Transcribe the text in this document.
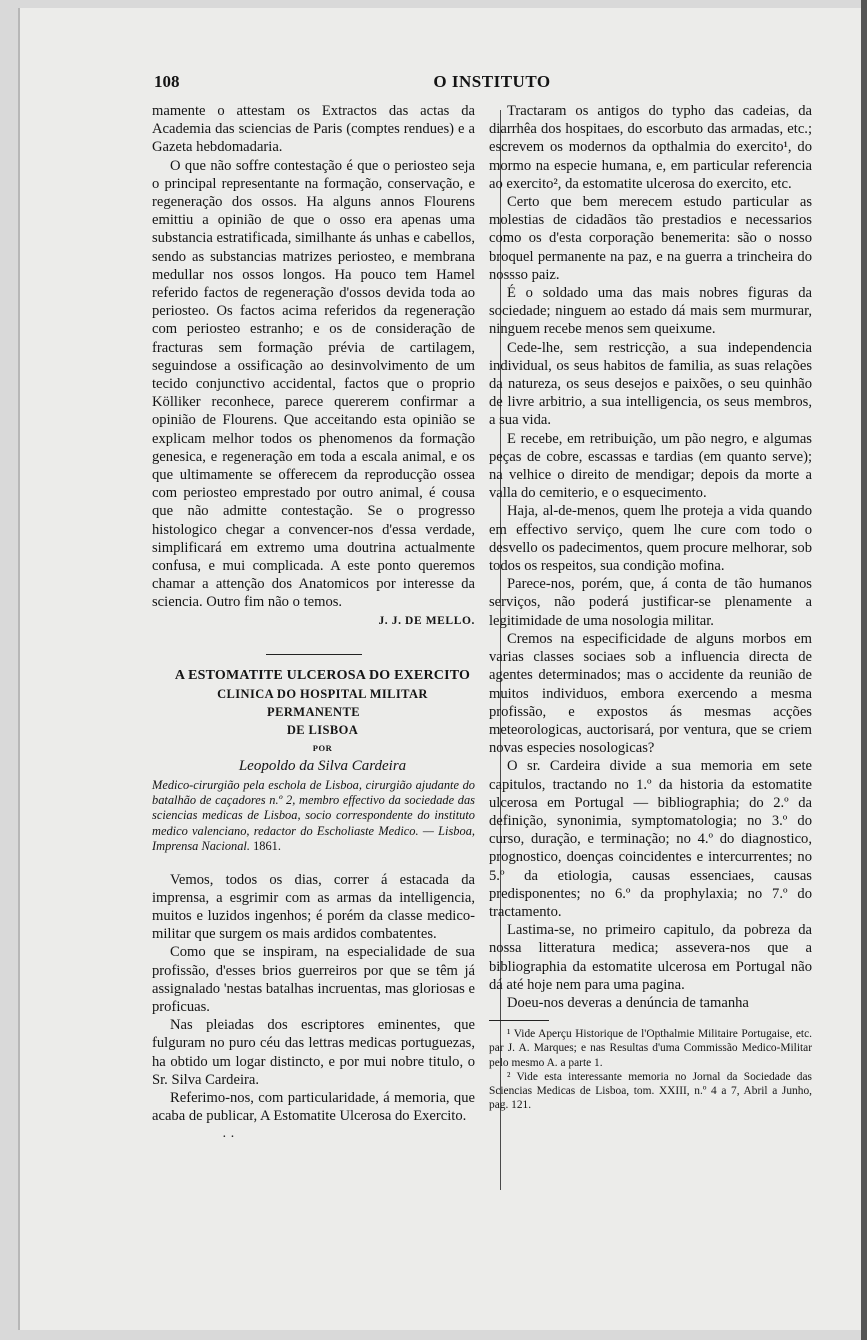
108	O INSTITUTO

mamente o attestam os Extractos das actas da Academia das sciencias de Paris (comptes rendues) e a Gazeta hebdomadaria.

O que não soffre contestação é que o periosteo seja o principal representante na formação, conservação, e regeneração dos ossos. Ha alguns annos Flourens emittiu a opinião de que o osso era apenas uma substancia estratificada, similhante ás unhas e cabellos, sendo as substancias matrizes periosteo, e membrana medullar nos ossos longos. Ha pouco tem Hamel referido factos de regeneração d'ossos devida toda ao periosteo. Os factos acima referidos da regeneração com periosteo estranho; e os de consideração de fracturas sem formação prévia de cartilagem, seguindose a ossificação ao desinvolvimento de um tecido conjunctivo accidental, factos que o proprio Kölliker reconhece, parece quererem confirmar a opinião de Flourens. Que acceitando esta opinião se explicam melhor todos os phenomenos da formação genesica, e regeneração em toda a escala animal, e os que ultimamente se offerecem da reproducção ossea com periosteo emprestado por outro animal, é cousa que não admitte contestação. Se o progresso histologico chegar a convencer-nos d'essa verdade, simplificará em extremo uma doutrina actualmente confusa, e mui complicada. A este ponto queremos chamar a attenção dos Anatomicos por interesse da sciencia. Outro fim não o temos.

J. J. DE MELLO.

A ESTOMATITE ULCEROSA DO EXERCITO

CLINICA DO HOSPITAL MILITAR PERMANENTE

DE LISBOA

POR

Leopoldo da Silva Cardeira

Medico-cirurgião pela eschola de Lisboa, cirurgião ajudante do batalhão de caçadores n.º 2, membro effectivo da sociedade das sciencias medicas de Lisboa, socio correspondente do instituto medico valenciano, redactor do Escholiaste Medico. — Lisboa, Imprensa Nacional. 1861.

Vemos, todos os dias, correr á estacada da imprensa, a esgrimir com as armas da intelligencia, muitos e luzidos ingenhos; é porém da classe medico-militar que surgem os mais ardidos combatentes.

Como que se inspiram, na especialidade de sua profissão, d'esses brios guerreiros por que se têm já assignalado 'nestas batalhas incruentas, mas gloriosas e proficuas.

Nas pleiadas dos escriptores eminentes, que fulguram no puro céu das lettras medicas portuguezas, ha obtido um logar distincto, e por mui nobre titulo, o Sr. Silva Cardeira.

Referimo-nos, com particularidade, á memoria, que acaba de publicar, A Estomatite Ulcerosa do Exercito.

· ·

Tractaram os antigos do typho das cadeias, da diarrhêa dos hospitaes, do escorbuto das armadas, etc.; escrevem os modernos da opthalmia do exercito¹, do mormo na especie humana, e, em particular referencia ao exercito², da estomatite ulcerosa do exercito, etc.

Certo que bem merecem estudo particular as molestias de cidadãos tão prestadios e necessarios como os d'esta corporação benemerita: são o nosso broquel permanente na paz, e na guerra a trincheira do nossso paiz.

É o soldado uma das mais nobres figuras da sociedade; ninguem ao estado dá mais sem murmurar, ninguem recebe menos sem queixume.

Cede-lhe, sem restricção, a sua independencia individual, os seus habitos de familia, as suas relações da natureza, os seus desejos e paixões, o seu quinhão de livre arbitrio, a sua intelligencia, os seus membros, a sua vida.

E recebe, em retribuição, um pão negro, e algumas peças de cobre, escassas e tardias (em quanto serve); na velhice o direito de mendigar; depois da morte a valla do cemiterio, e o esquecimento.

Haja, al-de-menos, quem lhe proteja a vida quando em effectivo serviço, quem lhe cure com todo o desvello os padecimentos, quem procure melhorar, sob todos os respeitos, sua condição mofina.

Parece-nos, porém, que, á conta de tão humanos serviços, não poderá justificar-se plenamente a legitimidade de uma nosologia militar.

Cremos na especificidade de alguns morbos em varias classes sociaes sob a influencia directa de agentes determinados; mas o accidente da reunião de muitos individuos, embora exercendo a mesma profissão, e expostos ás mesmas acções meteorologicas, auctorisará, por ventura, que se criem novas especies nosologicas?

O sr. Cardeira divide a sua memoria em sete capitulos, tractando no 1.º da historia da estomatite ulcerosa em Portugal — bibliographia; do 2.º da definição, synonimia, symptomatologia; no 3.º do curso, duração, e terminação; no 4.º do diagnostico, prognostico, doenças coincidentes e intercurrentes; no 5.º da etiologia, causas essenciaes, causas predisponentes; no 6.º da prophylaxia; no 7.º do tractamento.

Lastima-se, no primeiro capitulo, da pobreza da nossa litteratura medica; assevera-nos que a bibliographia da estomatite ulcerosa em Portugal não dá até hoje nem para uma pagina.

Doeu-nos deveras a denúncia de tamanha

¹ Vide Aperçu Historique de l'Opthalmie Militaire Portugaise, etc. par J. A. Marques; e nas Resultas d'uma Commissão Medico-Militar pelo mesmo A. a parte 1.

² Vide esta interessante memoria no Jornal da Sociedade das Sciencias Medicas de Lisboa, tom. XXIII, n.º 4 a 7, Abril a Junho, pag. 121.
